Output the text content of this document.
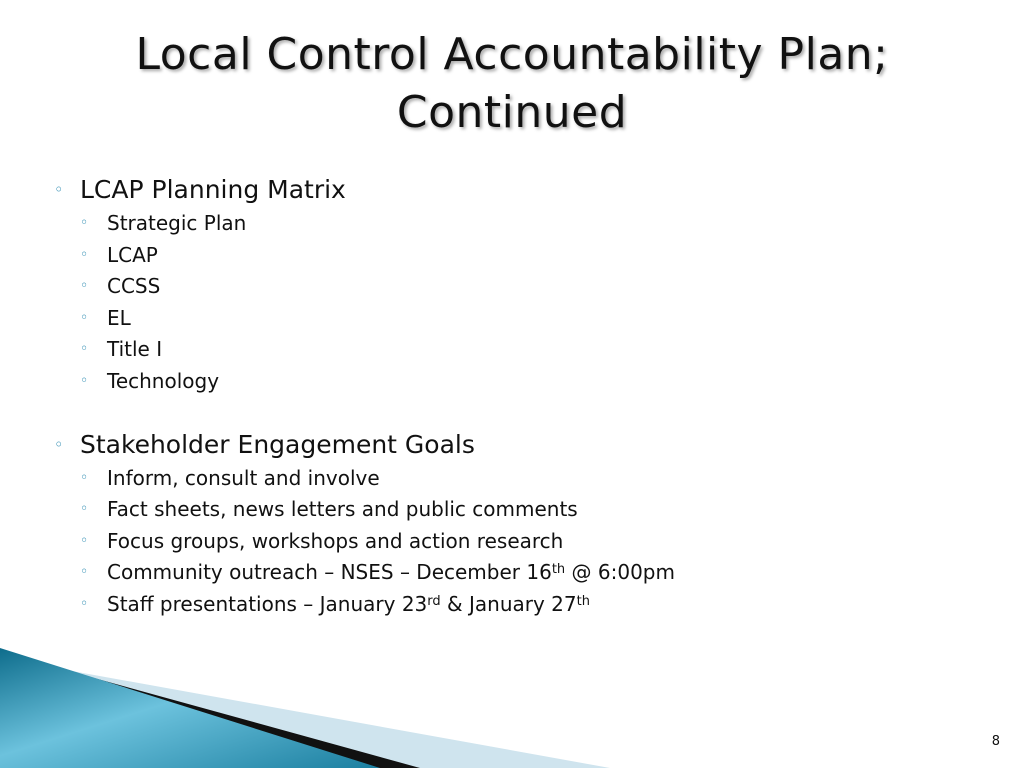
Local Control Accountability Plan;
Continued

◦ LCAP Planning Matrix

◦ Strategic Plan

◦ LCAP

◦ CCSS

◦ EL

◦ Title I

◦ Technology

◦ Stakeholder Engagement Goals

◦ Inform, consult and involve

◦ Fact sheets, news letters and public comments

◦ Focus groups, workshops and action research

◦ Community outreach – NSES – December 16th @ 6:00pm

◦ Staff presentations – January 23rd & January 27th

8
